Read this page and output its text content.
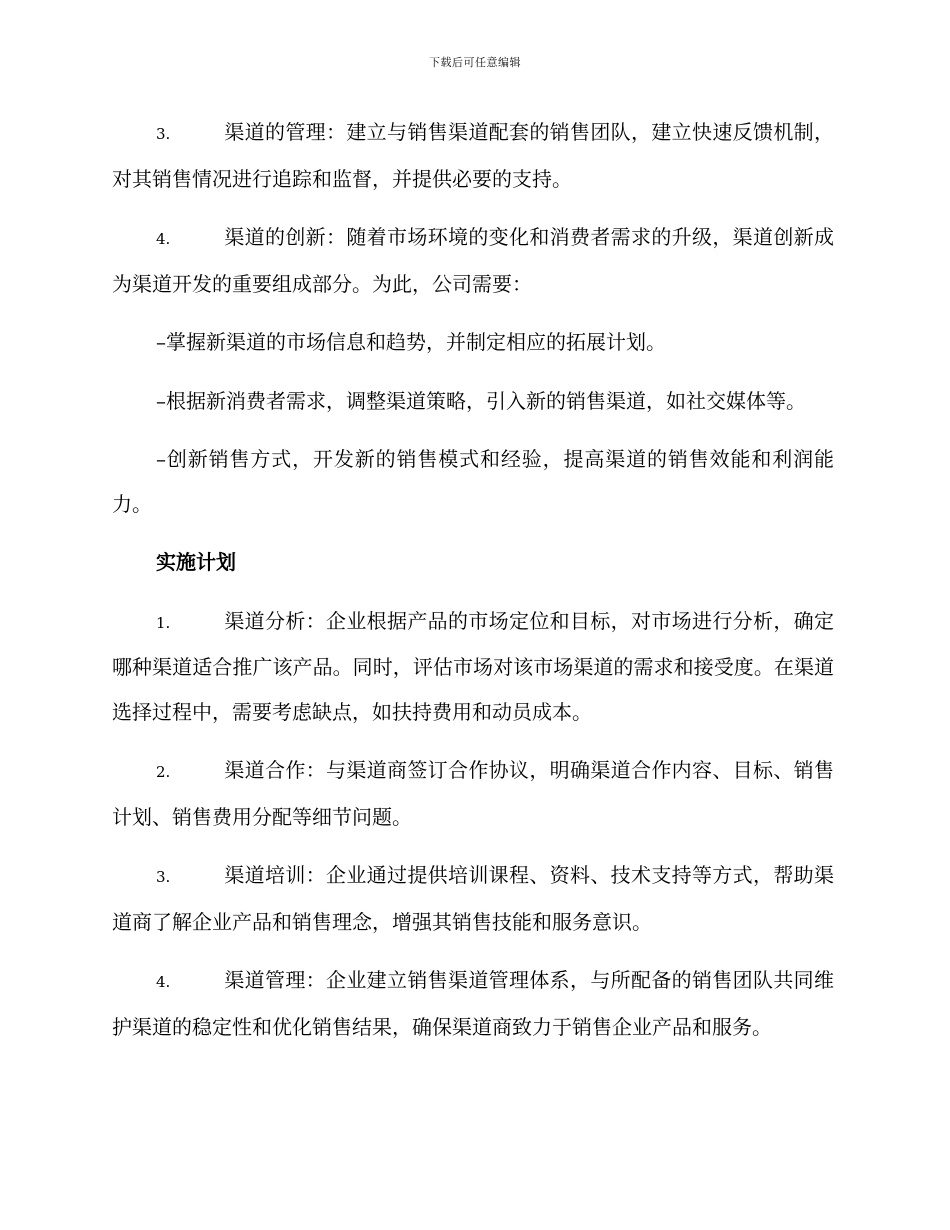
下载后可任意编辑

3.	渠道的管理：建立与销售渠道配套的销售团队，建立快速反馈机制，对其销售情况进行追踪和监督，并提供必要的支持。

4.	渠道的创新：随着市场环境的变化和消费者需求的升级，渠道创新成为渠道开发的重要组成部分。为此，公司需要：

–掌握新渠道的市场信息和趋势，并制定相应的拓展计划。

–根据新消费者需求，调整渠道策略，引入新的销售渠道，如社交媒体等。

–创新销售方式，开发新的销售模式和经验，提高渠道的销售效能和利润能力。

实施计划

1.	渠道分析：企业根据产品的市场定位和目标，对市场进行分析，确定哪种渠道适合推广该产品。同时，评估市场对该市场渠道的需求和接受度。在渠道选择过程中，需要考虑缺点，如扶持费用和动员成本。

2.	渠道合作：与渠道商签订合作协议，明确渠道合作内容、目标、销售计划、销售费用分配等细节问题。

3.	渠道培训：企业通过提供培训课程、资料、技术支持等方式，帮助渠道商了解企业产品和销售理念，增强其销售技能和服务意识。

4.	渠道管理：企业建立销售渠道管理体系，与所配备的销售团队共同维护渠道的稳定性和优化销售结果，确保渠道商致力于销售企业产品和服务。
